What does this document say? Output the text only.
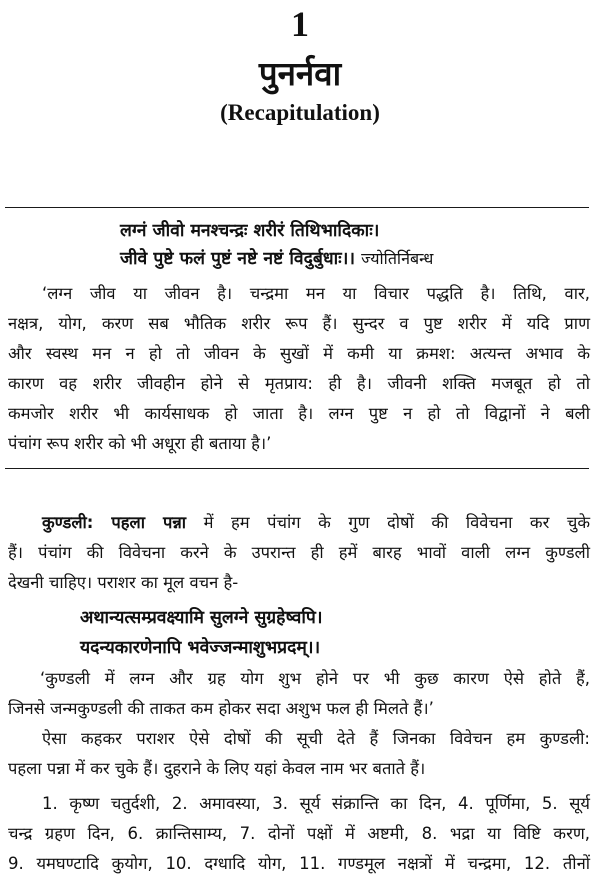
1
पुनर्नवा
(Recapitulation)
लग्नं जीवो मनश्चन्द्रः शरीरं तिथिभादिकाः।
जीवे पुष्टे फलं पुष्टं नष्टे नष्टं विदुर्बुधाः।। ज्योतिर्निबन्ध
‘लग्न जीव या जीवन है। चन्द्रमा मन या विचार पद्धति है। तिथि, वार,
नक्षत्र, योग, करण सब भौतिक शरीर रूप हैं। सुन्दर व पुष्ट शरीर में यदि प्राण
और स्वस्थ मन न हो तो जीवन के सुखों में कमी या क्रमश: अत्यन्त अभाव के
कारण वह शरीर जीवहीन होने से मृतप्राय: ही है। जीवनी शक्ति मजबूत हो तो
कमजोर शरीर भी कार्यसाधक हो जाता है। लग्न पुष्ट न हो तो विद्वानों ने बली
पंचांग रूप शरीर को भी अधूरा ही बताया है।’
कुण्डली: पहला पन्ना में हम पंचांग के गुण दोषों की विवेचना कर चुके
हैं। पंचांग की विवेचना करने के उपरान्त ही हमें बारह भावों वाली लग्न कुण्डली
देखनी चाहिए। पराशर का मूल वचन है-
अथान्यत्सम्प्रवक्ष्यामि सुलग्ने सुग्रहेष्वपि।
यदन्यकारणेनापि भवेज्जन्माशुभप्रदम्।।
‘कुण्डली में लग्न और ग्रह योग शुभ होने पर भी कुछ कारण ऐसे होते हैं,
जिनसे जन्मकुण्डली की ताकत कम होकर सदा अशुभ फल ही मिलते हैं।’
ऐसा कहकर पराशर ऐसे दोषों की सूची देते हैं जिनका विवेचन हम कुण्डली:
पहला पन्ना में कर चुके हैं। दुहराने के लिए यहां केवल नाम भर बताते हैं।
1. कृष्ण चतुर्दशी, 2. अमावस्या, 3. सूर्य संक्रान्ति का दिन, 4. पूर्णिमा, 5. सूर्य
चन्द्र ग्रहण दिन, 6. क्रान्तिसाम्य, 7. दोनों पक्षों में अष्टमी, 8. भद्रा या विष्टि करण,
9. यमघण्टादि कुयोग, 10. दग्धादि योग, 11. गण्डमूल नक्षत्रों में चन्द्रमा, 12. तीनों
